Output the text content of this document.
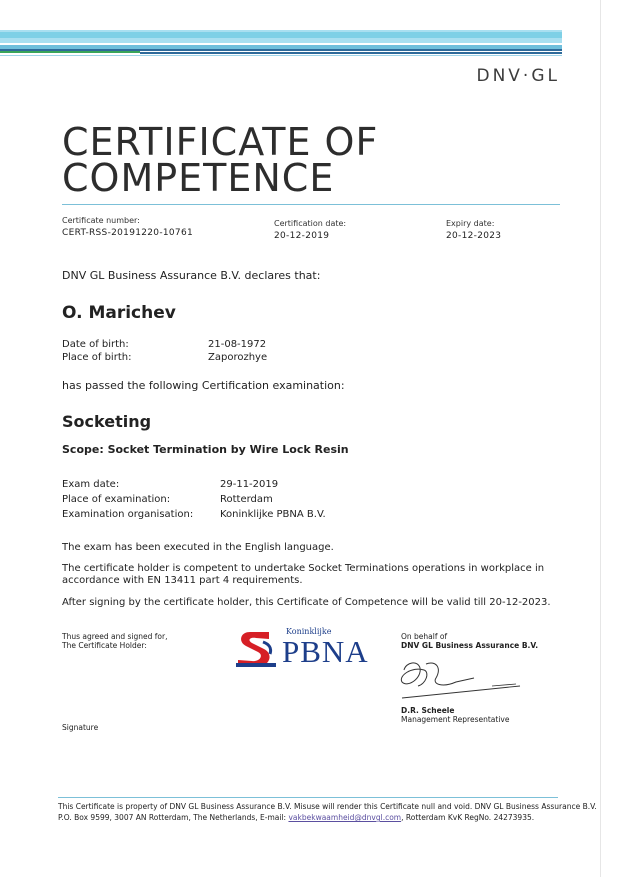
DNV·GL
CERTIFICATE OF
COMPETENCE
Certificate number:
CERT-RSS-20191220-10761
Certification date:
20-12-2019
Expiry date:
20-12-2023
DNV GL Business Assurance B.V. declares that:
O. Marichev
Date of birth:	21-08-1972
Place of birth:	Zaporozhye
has passed the following Certification examination:
Socketing
Scope: Socket Termination by Wire Lock Resin
Exam date:	29-11-2019
Place of examination:	Rotterdam
Examination organisation:	Koninklijke PBNA B.V.
The exam has been executed in the English language.
The certificate holder is competent to undertake Socket Terminations operations in workplace in
accordance with EN 13411 part 4 requirements.
After signing by the certificate holder, this Certificate of Competence will be valid till 20-12-2023.
Thus agreed and signed for,
The Certificate Holder:
Koninklijke
PBNA	On behalf of
DNV GL Business Assurance B.V.
D.R. Scheele
Management Representative
Signature
This Certificate is property of DNV GL Business Assurance B.V. Misuse will render this Certificate null and void. DNV GL Business Assurance B.V.
P.O. Box 9599, 3007 AN Rotterdam, The Netherlands, E-mail: vakbekwaamheid@dnvgl.com, Rotterdam KvK RegNo. 24273935.
